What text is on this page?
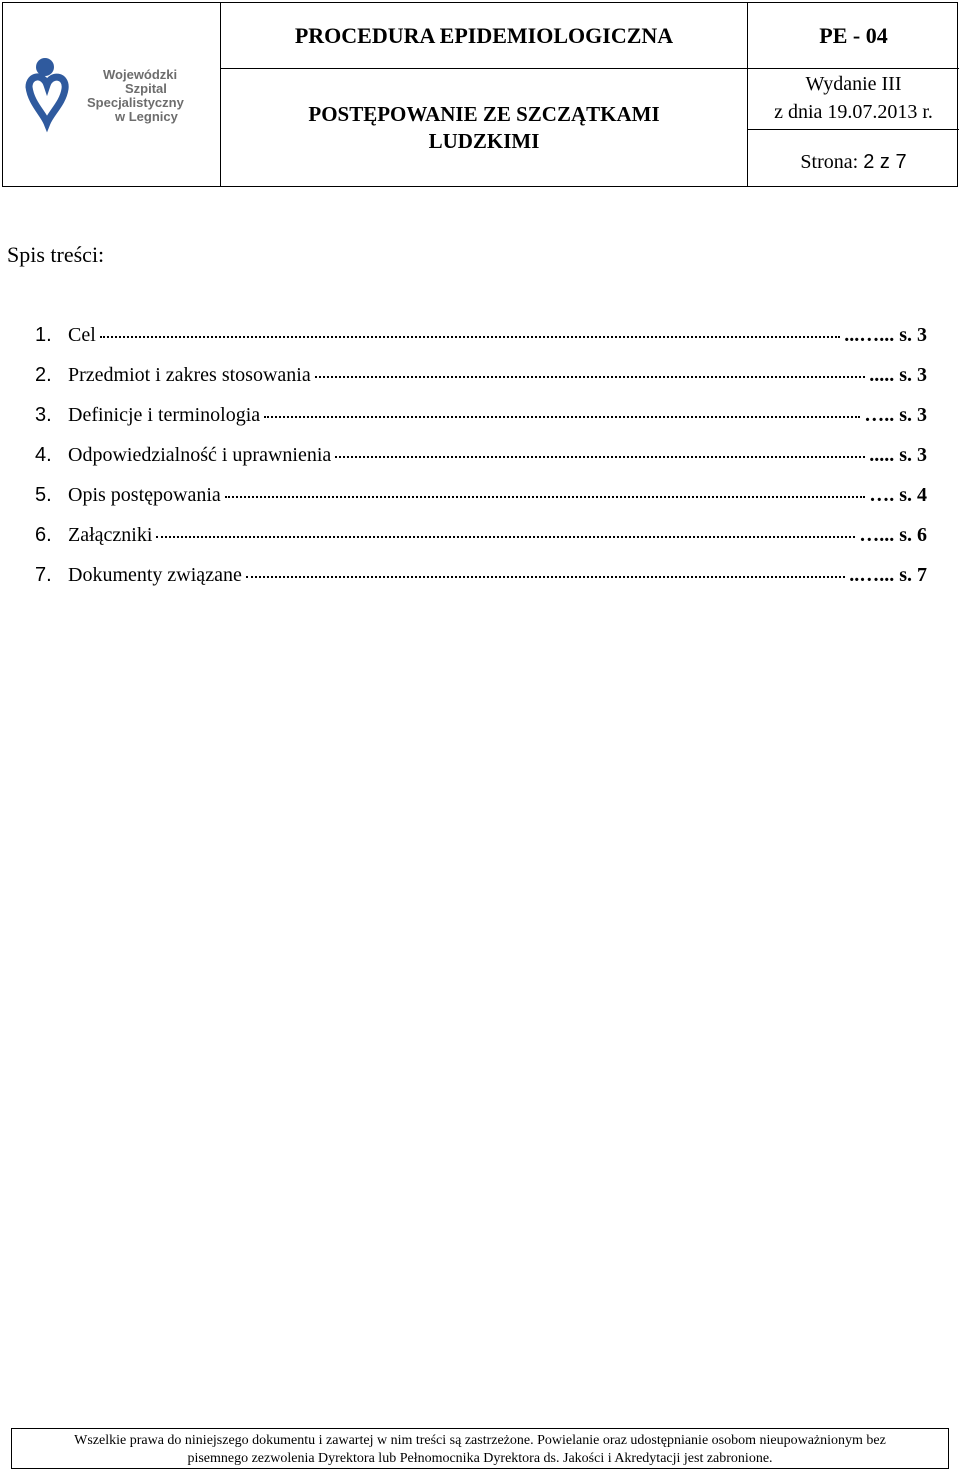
Wojewódzki
Szpital
Specjalistyczny
w Legnicy
PROCEDURA EPIDEMIOLOGICZNA	PE - 04
POSTĘPOWANIE ZE SZCZĄTKAMI
LUDZKIMI
Wydanie III
z dnia 19.07.2013 r.
Strona: 2 z 7
Spis treści:
1. Cel	...…... s. 3
2. Przedmiot i zakres stosowania	..... s. 3
3. Definicje i terminologia	….. s. 3
4. Odpowiedzialność i uprawnienia	..... s. 3
5. Opis postępowania	…. s. 4
6. Załączniki	…... s. 6
7. Dokumenty związane	..…... s. 7
Wszelkie prawa do niniejszego dokumentu i zawartej w nim treści są zastrzeżone. Powielanie oraz udostępnianie osobom nieupoważnionym bez
pisemnego zezwolenia Dyrektora lub Pełnomocnika Dyrektora ds. Jakości i Akredytacji jest zabronione.
